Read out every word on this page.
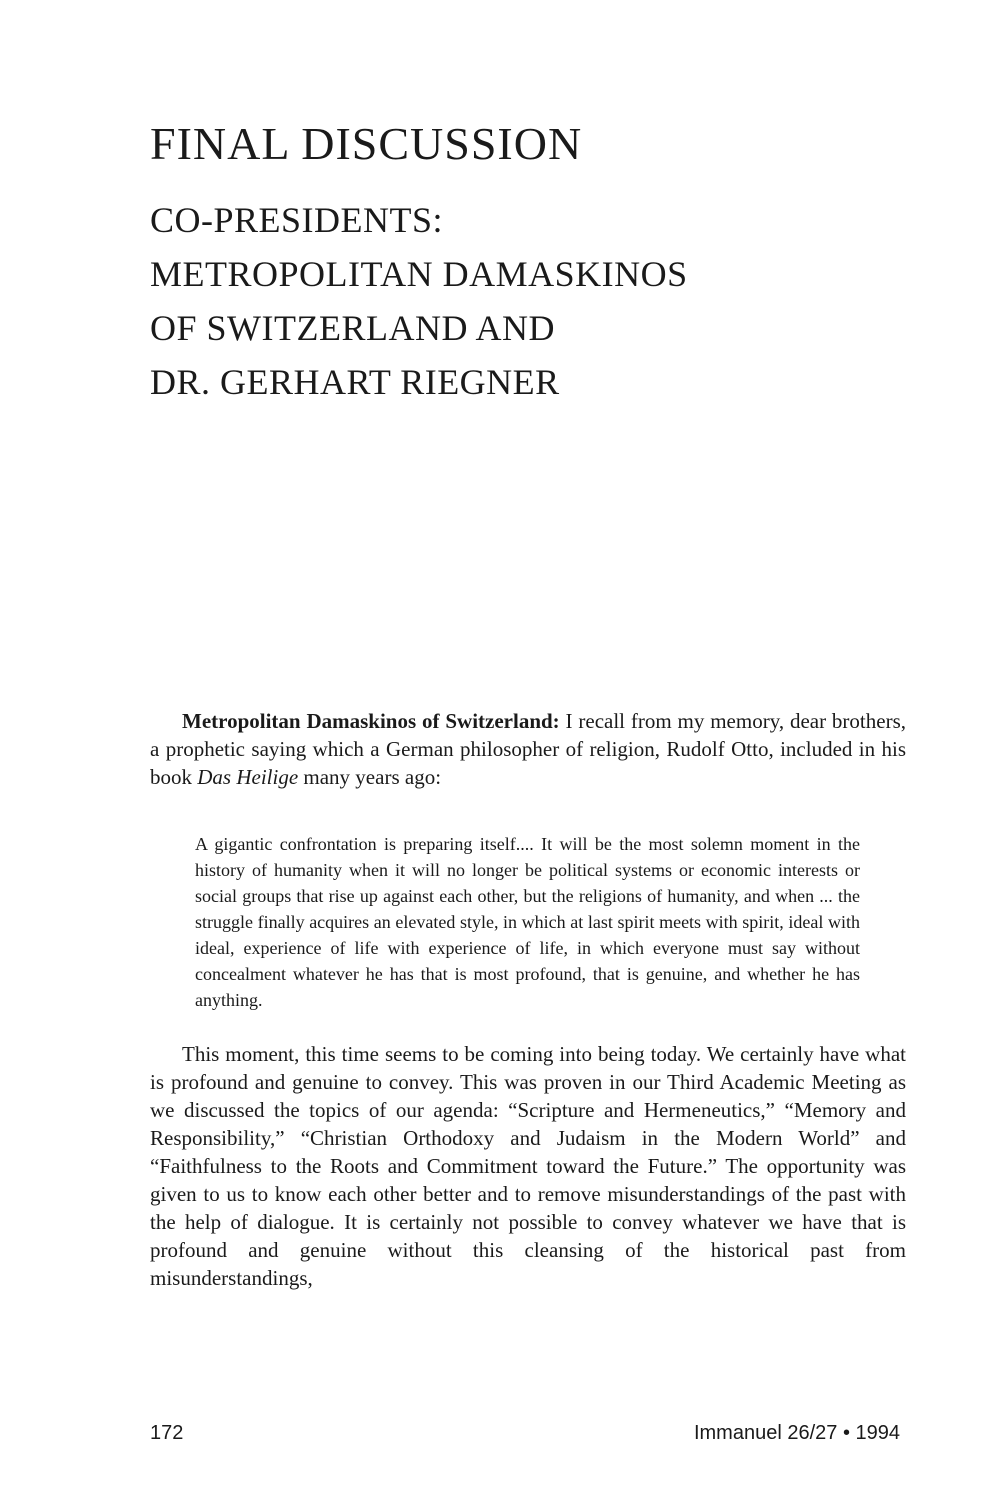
FINAL DISCUSSION
CO-PRESIDENTS:
METROPOLITAN DAMASKINOS
OF SWITZERLAND AND
DR. GERHART RIEGNER

Metropolitan Damaskinos of Switzerland: I recall from my memory, dear brothers, a prophetic saying which a German philosopher of religion, Rudolf Otto, included in his book Das Heilige many years ago:

A gigantic confrontation is preparing itself.... It will be the most solemn moment in the history of humanity when it will no longer be political systems or economic interests or social groups that rise up against each other, but the religions of humanity, and when ... the struggle finally acquires an elevated style, in which at last spirit meets with spirit, ideal with ideal, experience of life with experience of life, in which everyone must say without concealment whatever he has that is most profound, that is genuine, and whether he has anything.

This moment, this time seems to be coming into being today. We certainly have what is profound and genuine to convey. This was proven in our Third Academic Meeting as we discussed the topics of our agenda: “Scripture and Hermeneutics,” “Memory and Responsibility,” “Christian Orthodoxy and Judaism in the Modern World” and “Faithfulness to the Roots and Commitment toward the Future.” The opportunity was given to us to know each other better and to remove misunderstandings of the past with the help of dialogue. It is certainly not possible to convey whatever we have that is profound and genuine without this cleansing of the historical past from misunderstandings,

172	Immanuel 26/27 • 1994
